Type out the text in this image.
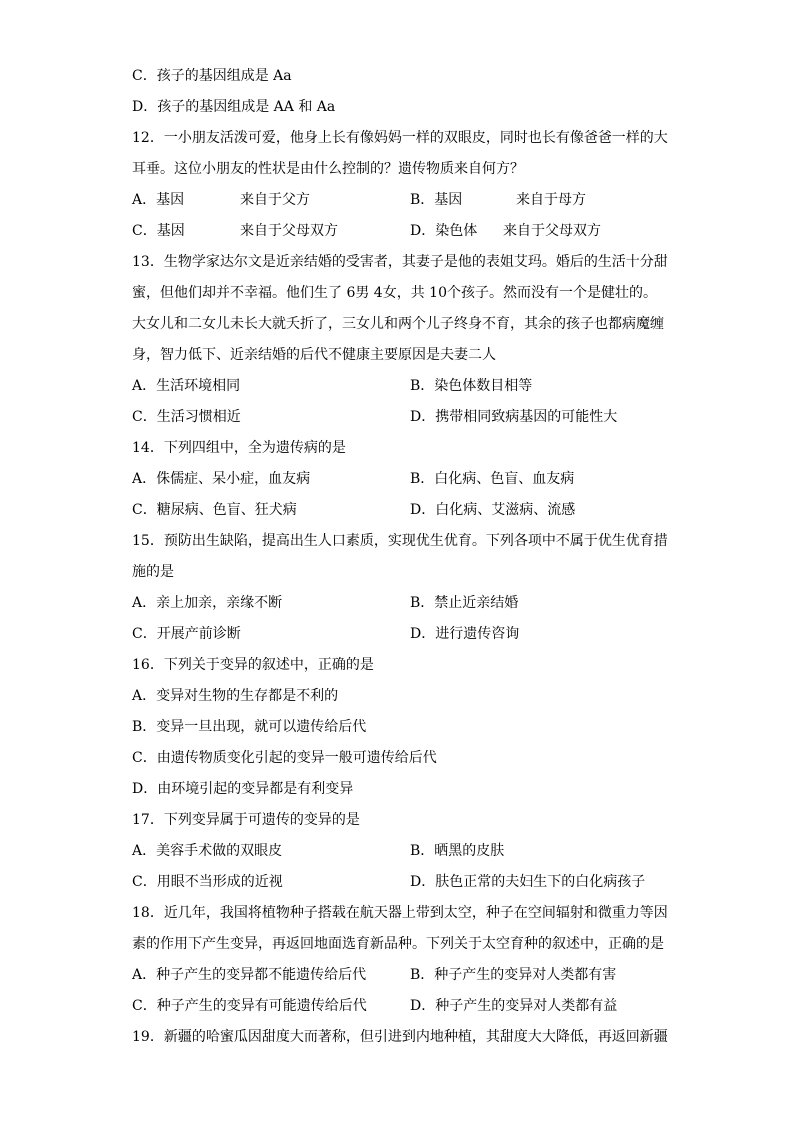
C．孩子的基因组成是 Aa
D．孩子的基因组成是 AA 和 Aa
12．一小朋友活泼可爱，他身上长有像妈妈一样的双眼皮，同时也长有像爸爸一样的大
耳垂。这位小朋友的性状是由什么控制的？遗传物质来自何方？
A．基因	来自于父方	B．基因	来自于母方
C．基因	来自于父母双方	D．染色体 来自于父母双方
13．生物学家达尔文是近亲结婚的受害者，其妻子是他的表姐艾玛。婚后的生活十分甜
蜜，但他们却并不幸福。他们生了 6男 4女，共 10个孩子。然而没有一个是健壮的。
大女儿和二女儿未长大就夭折了，三女儿和两个儿子终身不育，其余的孩子也都病魔缠
身，智力低下、近亲结婚的后代不健康主要原因是夫妻二人
A．生活环境相同	B．染色体数目相等
C．生活习惯相近	D．携带相同致病基因的可能性大
14．下列四组中，全为遗传病的是
A．侏儒症、呆小症，血友病	B．白化病、色盲、血友病
C．糖尿病、色盲、狂犬病	D．白化病、艾滋病、流感
15．预防出生缺陷，提高出生人口素质，实现优生优育。下列各项中不属于优生优育措
施的是
A．亲上加亲，亲缘不断	B．禁止近亲结婚
C．开展产前诊断	D．进行遗传咨询
16．下列关于变异的叙述中，正确的是
A．变异对生物的生存都是不利的
B．变异一旦出现，就可以遗传给后代
C．由遗传物质变化引起的变异一般可遗传给后代
D．由环境引起的变异都是有利变异
17．下列变异属于可遗传的变异的是
A．美容手术做的双眼皮	B．晒黑的皮肤
C．用眼不当形成的近视	D．肤色正常的夫妇生下的白化病孩子
18．近几年，我国将植物种子搭载在航天器上带到太空，种子在空间辐射和微重力等因
素的作用下产生变异，再返回地面选育新品种。下列关于太空育种的叙述中，正确的是
A．种子产生的变异都不能遗传给后代	B．种子产生的变异对人类都有害
C．种子产生的变异有可能遗传给后代	D．种子产生的变异对人类都有益
19．新疆的哈蜜瓜因甜度大而著称，但引进到内地种植，其甜度大大降低，再返回新疆
